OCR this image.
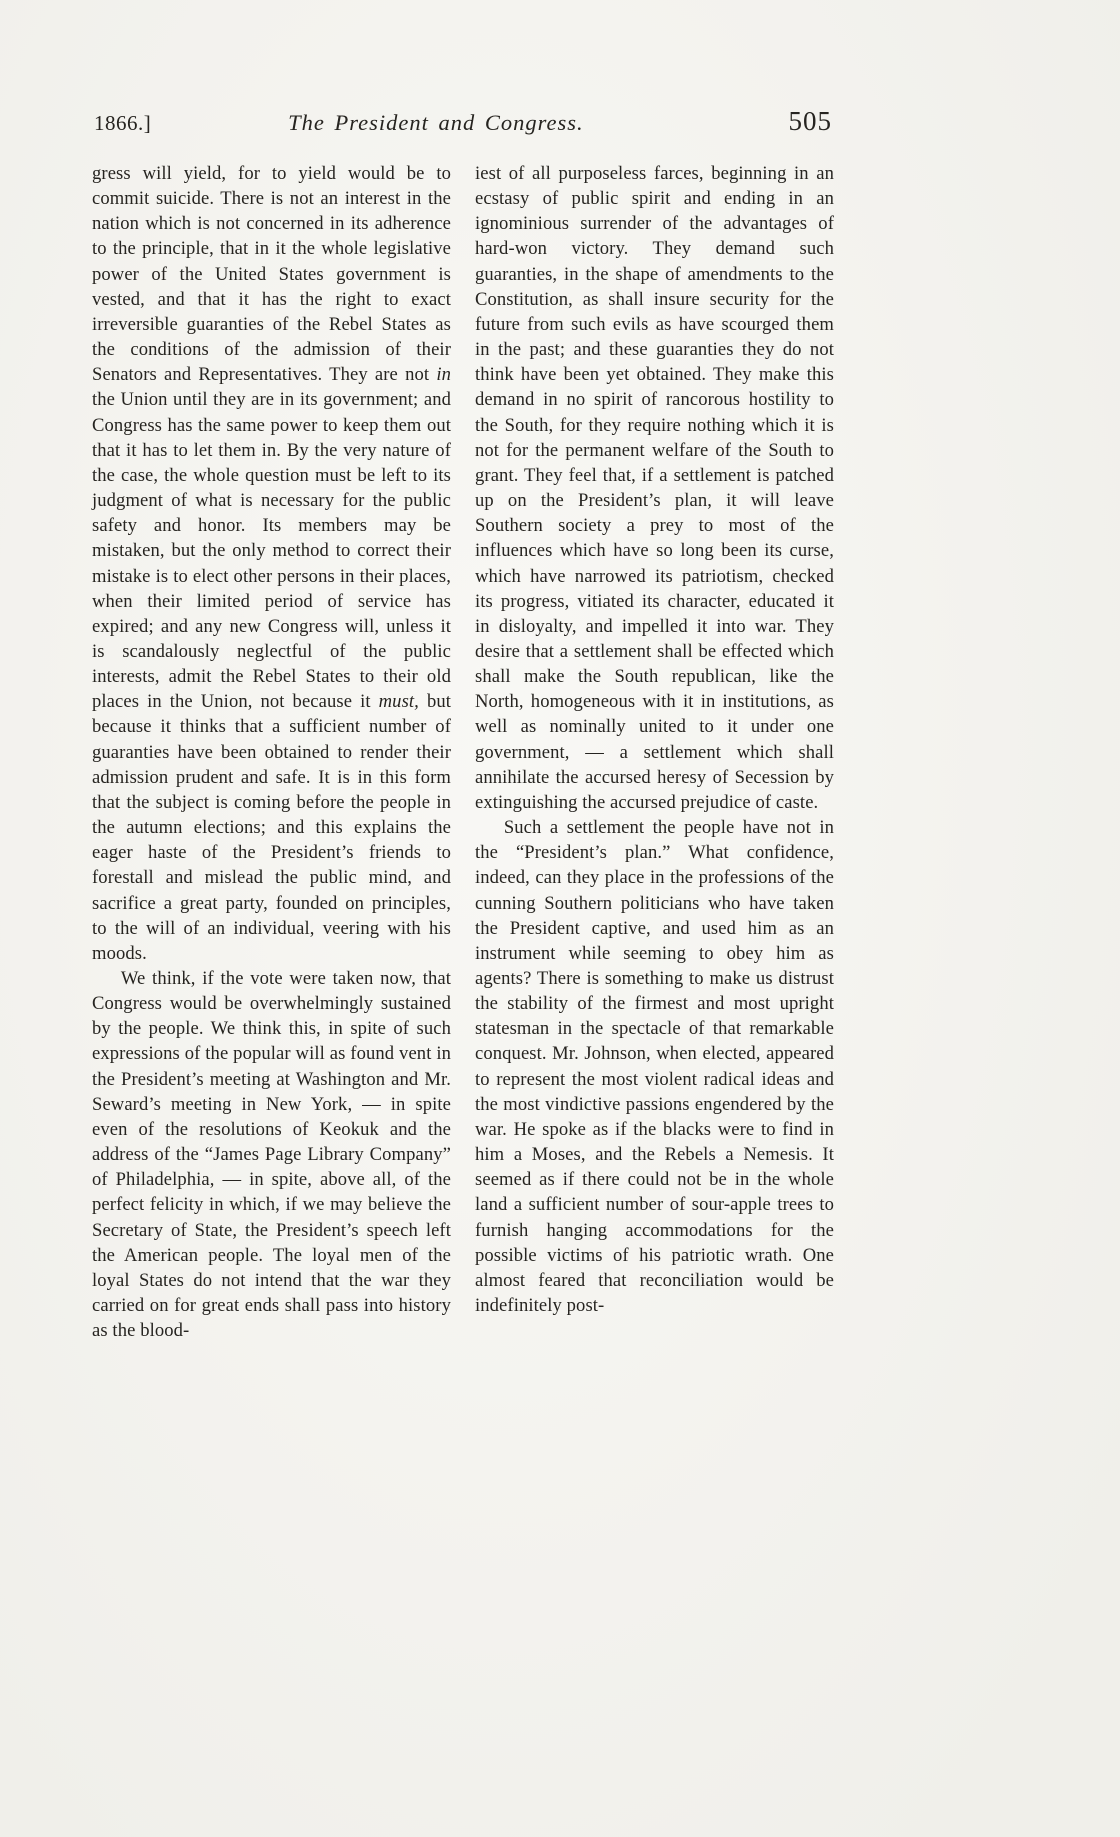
1866.]	The President and Congress.	505

gress will yield, for to yield would be to commit suicide. There is not an interest in the nation which is not concerned in its adherence to the principle, that in it the whole legislative power of the United States government is vested, and that it has the right to exact irreversible guaranties of the Rebel States as the conditions of the admission of their Senators and Representatives. They are not in the Union until they are in its government; and Congress has the same power to keep them out that it has to let them in. By the very nature of the case, the whole question must be left to its judgment of what is necessary for the public safety and honor. Its members may be mistaken, but the only method to correct their mistake is to elect other persons in their places, when their limited period of service has expired; and any new Congress will, unless it is scandalously neglectful of the public interests, admit the Rebel States to their old places in the Union, not because it must, but because it thinks that a sufficient number of guaranties have been obtained to render their admission prudent and safe. It is in this form that the subject is coming before the people in the autumn elections; and this explains the eager haste of the President’s friends to forestall and mislead the public mind, and sacrifice a great party, founded on principles, to the will of an individual, veering with his moods.

We think, if the vote were taken now, that Congress would be overwhelmingly sustained by the people. We think this, in spite of such expressions of the popular will as found vent in the President’s meeting at Washington and Mr. Seward’s meeting in New York, — in spite even of the resolutions of Keokuk and the address of the “James Page Library Company” of Philadelphia, — in spite, above all, of the perfect felicity in which, if we may believe the Secretary of State, the President’s speech left the American people. The loyal men of the loyal States do not intend that the war they carried on for great ends shall pass into history as the blood-

iest of all purposeless farces, beginning in an ecstasy of public spirit and ending in an ignominious surrender of the advantages of hard-won victory. They demand such guaranties, in the shape of amendments to the Constitution, as shall insure security for the future from such evils as have scourged them in the past; and these guaranties they do not think have been yet obtained. They make this demand in no spirit of rancorous hostility to the South, for they require nothing which it is not for the permanent welfare of the South to grant. They feel that, if a settlement is patched up on the President’s plan, it will leave Southern society a prey to most of the influences which have so long been its curse, which have narrowed its patriotism, checked its progress, vitiated its character, educated it in disloyalty, and impelled it into war. They desire that a settlement shall be effected which shall make the South republican, like the North, homogeneous with it in institutions, as well as nominally united to it under one government, — a settlement which shall annihilate the accursed heresy of Secession by extinguishing the accursed prejudice of caste.

Such a settlement the people have not in the “President’s plan.” What confidence, indeed, can they place in the professions of the cunning Southern politicians who have taken the President captive, and used him as an instrument while seeming to obey him as agents? There is something to make us distrust the stability of the firmest and most upright statesman in the spectacle of that remarkable conquest. Mr. Johnson, when elected, appeared to represent the most violent radical ideas and the most vindictive passions engendered by the war. He spoke as if the blacks were to find in him a Moses, and the Rebels a Nemesis. It seemed as if there could not be in the whole land a sufficient number of sour-apple trees to furnish hanging accommodations for the possible victims of his patriotic wrath. One almost feared that reconciliation would be indefinitely post-
